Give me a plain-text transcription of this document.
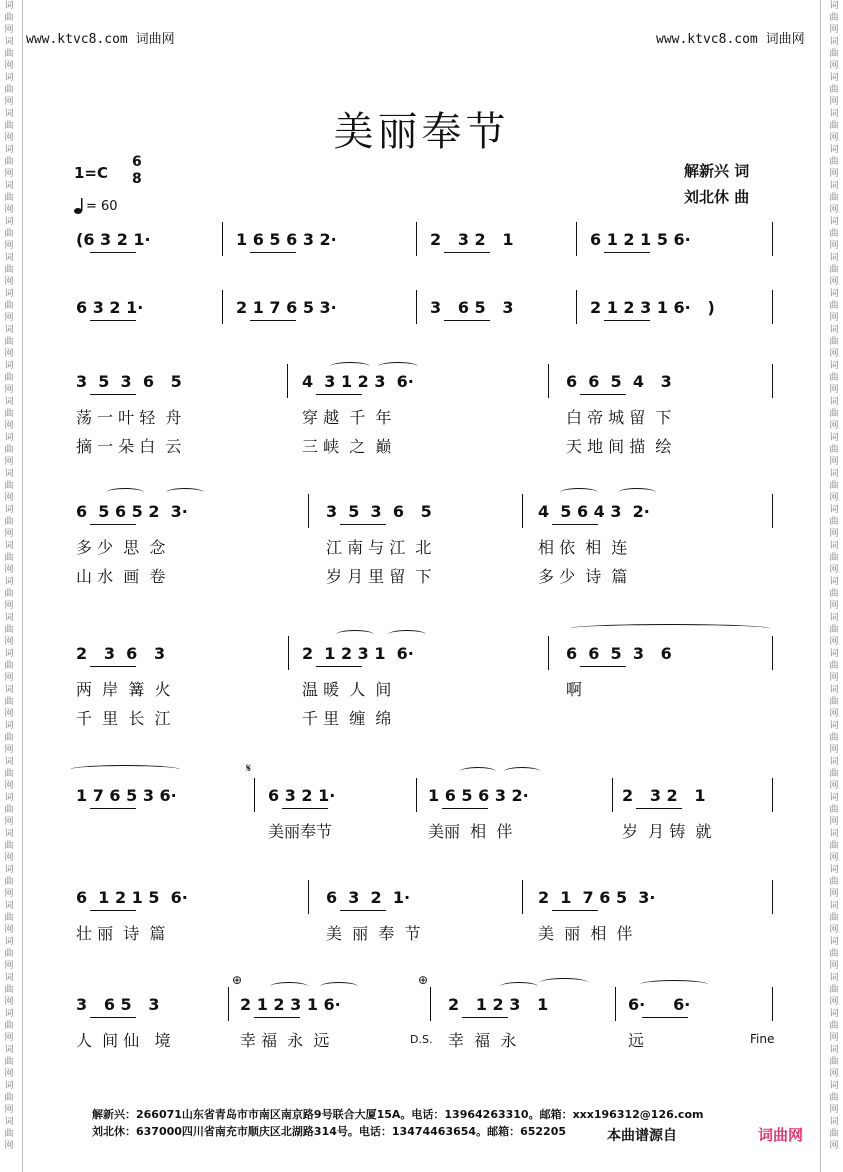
词
曲
网
词
曲
网
词
曲
网
词
曲
网
词
曲
网
词
曲
网
词
曲
网
词
曲
网
词
曲
网
词
曲
网
词
曲
网
词
曲
网
词
曲
网
词
曲
网
词
曲
网
词
曲
网
词
曲
网
词
曲
网
词
曲
网
词
曲
网
词
曲
网
词
曲
网
词
曲
网
词
曲
网
词
曲
网
词
曲
网
词
曲
网
词
曲
网
词
曲
网
词
曲
网
词
曲
网
词
曲
网
词
曲
网
词
曲
网
词
曲
网
词
曲
网
词
曲
网
词
曲
网
词
曲
网
词
曲
网
词
曲
网
词
曲
网
词
曲
网
词
曲
网
词
曲
网
词
曲
网
词
曲
网
词
曲
网
词
曲
网
词
曲
网
词
曲
网
词
曲
网
词
曲
网
词
曲
网
词
曲
网
词
曲
网
词
曲
网
词
曲
网
词
曲
网
词
曲
网
词
曲
网
词
曲
网
词
曲
网
词
曲
网
www.ktvc8.com 词曲网	www.ktvc8.com 词曲网
美丽奉节
1=C
6
8
= 60
解新兴 词
刘北休 曲
(6 3 2 1·	1 6 5 6 3 2·	2   3 2   1	6 1 2 1 5 6·
6 3 2 1·	2 1 7 6 5 3·	3   6 5   3	2 1 2 3 1 6·   )
3  5  3  6   5	4  3 1 2 3  6·	6  6  5  4   3
荡 一 叶 轻  舟	穿 越  千  年	白 帝 城 留  下
摘 一 朵 白  云	三 峡  之  巅	天 地 间 描  绘
6  5 6 5 2  3·	3  5  3  6   5	4  5 6 4 3  2·
多 少  思  念	江 南 与 江  北	相 依  相  连
山 水  画  卷	岁 月 里 留  下	多 少  诗  篇
2   3  6   3	2  1 2 3 1  6·	6  6  5  3   6
两  岸  篝  火	温 暖  人  间	啊
千  里  长  江	千 里  缠  绵
1 7 6 5 3 6·	6 3 2 1·	1 6 5 6 3 2·	2   3 2   1
美丽奉节	美丽  相  伴	岁  月 铸  就
6  1 2 1 5  6·	6  3  2  1·	2  1  7 6 5  3·
壮 丽  诗  篇	美  丽  奉  节	美  丽  相  伴
3   6 5   3	2 1 2 3 1 6·	2   1 2 3   1	6·     6·
人  间 仙   境	幸 福  永  远	幸  福  永	远
𝄋
⊕	⊕
D.S.	Fine
解新兴：266071山东省青岛市市南区南京路9号联合大厦15A。电话：13964263310。邮箱：xxx196312@126.com
刘北休：637000四川省南充市顺庆区北湖路314号。电话：13474463654。邮箱：652205	本曲谱源自	词曲网
